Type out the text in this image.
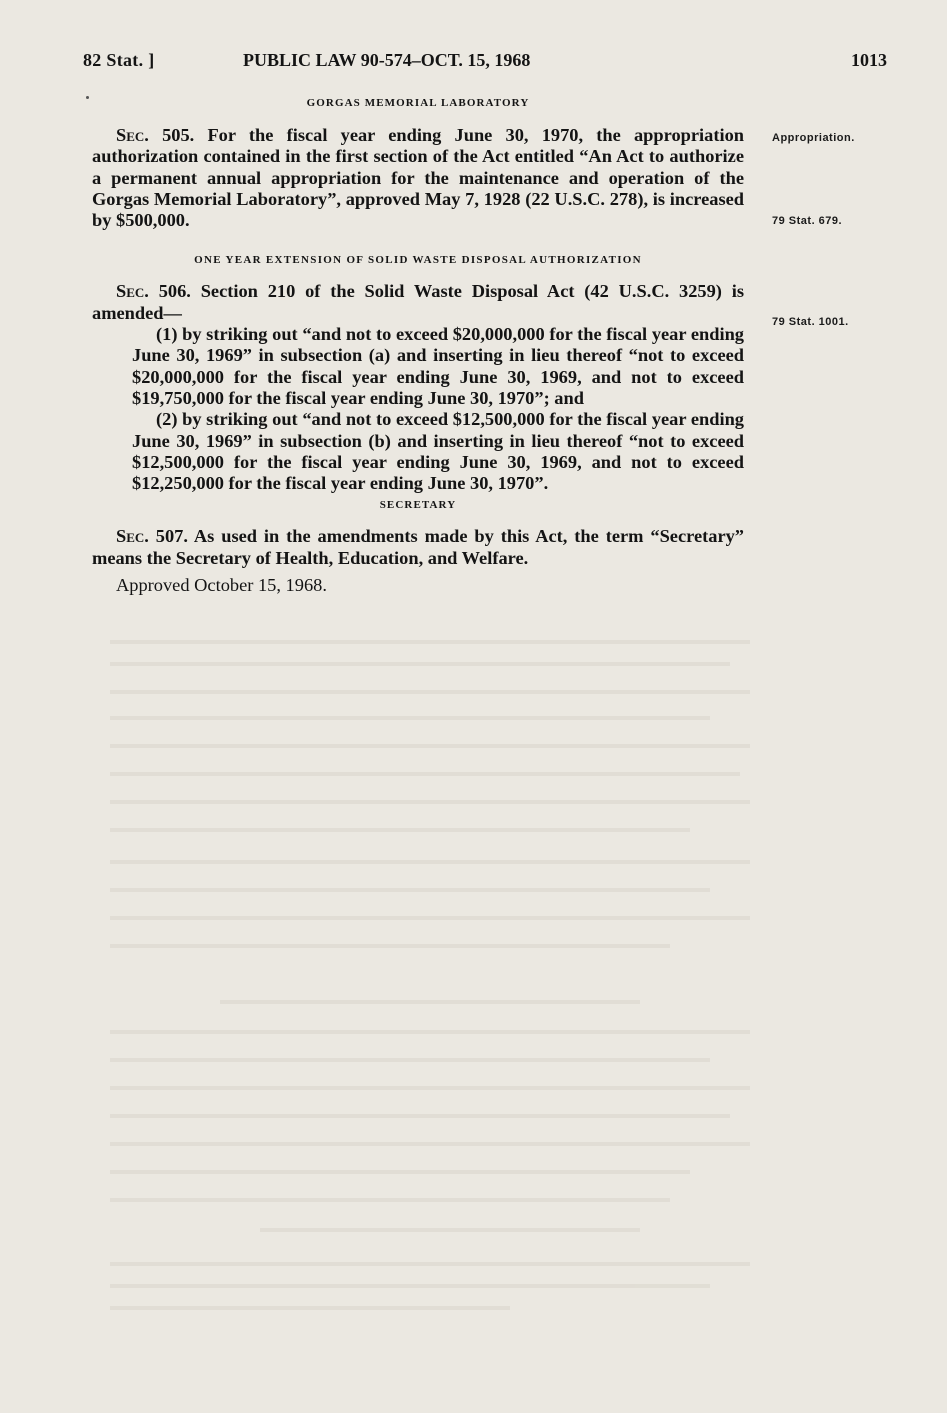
82 Stat. ]	PUBLIC LAW 90-574–OCT. 15, 1968	1013
GORGAS MEMORIAL LABORATORY

Sec. 505. For the fiscal year ending June 30, 1970, the appropriation authorization contained in the first section of the Act entitled “An Act to authorize a permanent annual appropriation for the maintenance and operation of the Gorgas Memorial Laboratory”, approved May 7, 1928 (22 U.S.C. 278), is increased by $500,000.

ONE YEAR EXTENSION OF SOLID WASTE DISPOSAL AUTHORIZATION

Sec. 506. Section 210 of the Solid Waste Disposal Act (42 U.S.C. 3259) is amended—

(1) by striking out “and not to exceed $20,000,000 for the fiscal year ending June 30, 1969” in subsection (a) and inserting in lieu thereof “not to exceed $20,000,000 for the fiscal year ending June 30, 1969, and not to exceed $19,750,000 for the fiscal year ending June 30, 1970”; and

(2) by striking out “and not to exceed $12,500,000 for the fiscal year ending June 30, 1969” in subsection (b) and inserting in lieu thereof “not to exceed $12,500,000 for the fiscal year ending June 30, 1969, and not to exceed $12,250,000 for the fiscal year ending June 30, 1970”.

SECRETARY

Sec. 507. As used in the amendments made by this Act, the term “Secretary” means the Secretary of Health, Education, and Welfare.

Approved October 15, 1968.

Appropriation.
79 Stat. 679.
79 Stat. 1001.
